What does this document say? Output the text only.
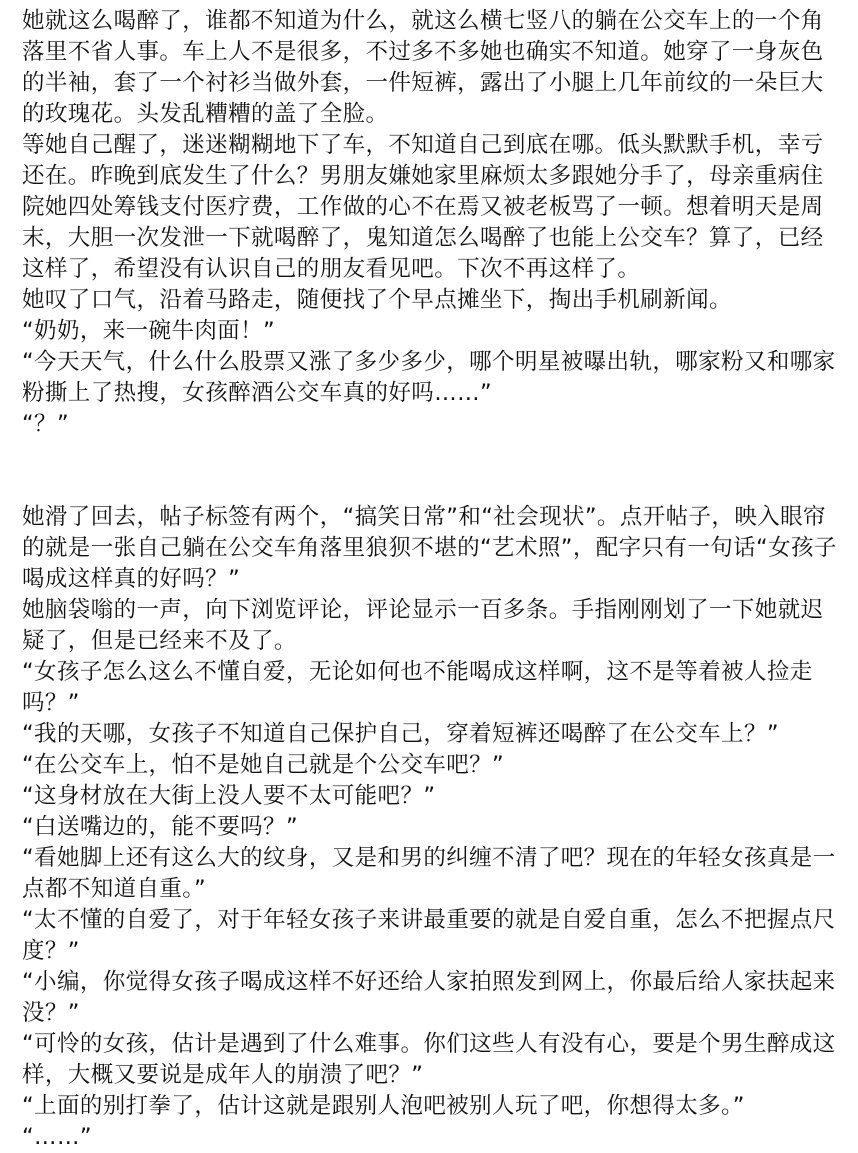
她就这么喝醉了，谁都不知道为什么，就这么横七竖八的躺在公交车上的一个角落里不省人事。车上人不是很多，不过多不多她也确实不知道。她穿了一身灰色的半袖，套了一个衬衫当做外套，一件短裤，露出了小腿上几年前纹的一朵巨大的玫瑰花。头发乱糟糟的盖了全脸。

等她自己醒了，迷迷糊糊地下了车，不知道自己到底在哪。低头默默手机，幸亏还在。昨晚到底发生了什么？男朋友嫌她家里麻烦太多跟她分手了，母亲重病住院她四处筹钱支付医疗费，工作做的心不在焉又被老板骂了一顿。想着明天是周末，大胆一次发泄一下就喝醉了，鬼知道怎么喝醉了也能上公交车？算了，已经这样了，希望没有认识自己的朋友看见吧。下次不再这样了。

她叹了口气，沿着马路走，随便找了个早点摊坐下，掏出手机刷新闻。

“奶奶，来一碗牛肉面！”

“今天天气，什么什么股票又涨了多少多少，哪个明星被曝出轨，哪家粉又和哪家粉撕上了热搜，女孩醉酒公交车真的好吗……”

“？”

她滑了回去，帖子标签有两个，“搞笑日常”和“社会现状”。点开帖子，映入眼帘的就是一张自己躺在公交车角落里狼狈不堪的“艺术照”，配字只有一句话“女孩子喝成这样真的好吗？”

她脑袋嗡的一声，向下浏览评论，评论显示一百多条。手指刚刚划了一下她就迟疑了，但是已经来不及了。

“女孩子怎么这么不懂自爱，无论如何也不能喝成这样啊，这不是等着被人捡走吗？”

“我的天哪，女孩子不知道自己保护自己，穿着短裤还喝醉了在公交车上？”

“在公交车上，怕不是她自己就是个公交车吧？”

“这身材放在大街上没人要不太可能吧？”

“白送嘴边的，能不要吗？”

“看她脚上还有这么大的纹身，又是和男的纠缠不清了吧？现在的年轻女孩真是一点都不知道自重。”

“太不懂的自爱了，对于年轻女孩子来讲最重要的就是自爱自重，怎么不把握点尺度？”

“小编，你觉得女孩子喝成这样不好还给人家拍照发到网上，你最后给人家扶起来没？”

“可怜的女孩，估计是遇到了什么难事。你们这些人有没有心，要是个男生醉成这样，大概又要说是成年人的崩溃了吧？”

“上面的别打拳了，估计这就是跟别人泡吧被别人玩了吧，你想得太多。”

“……”
